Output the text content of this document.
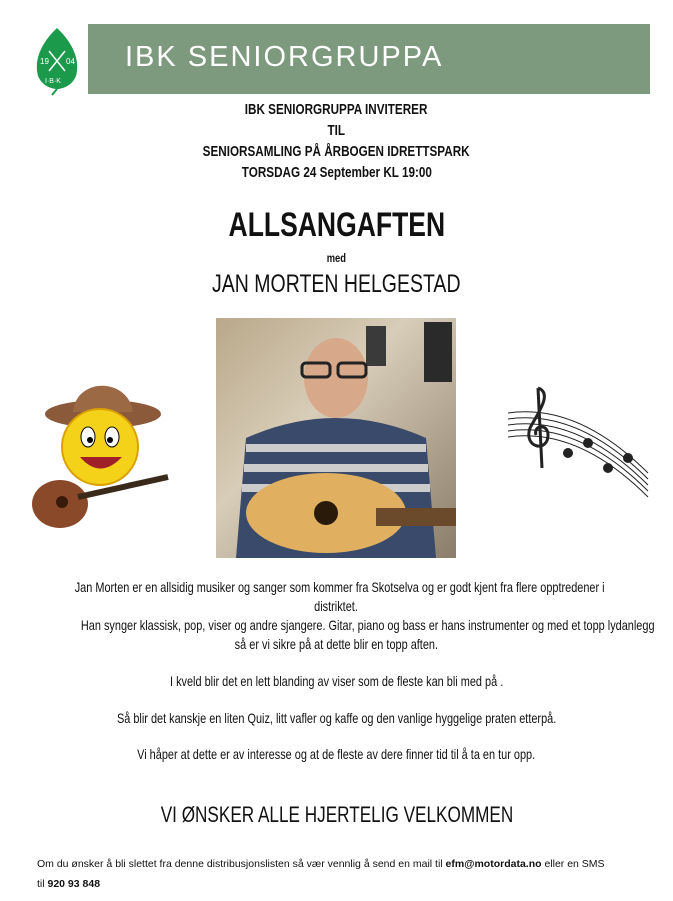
19 04
I·B·K
IBK SENIORGRUPPA
IBK SENIORGRUPPA INVITERER
TIL
SENIORSAMLING PÅ ÅRBOGEN IDRETTSPARK
TORSDAG 24 September KL 19:00
ALLSANGAFTEN
med
JAN MORTEN HELGESTAD
Jan Morten er en allsidig musiker og sanger som kommer fra Skotselva og er godt kjent fra flere opptredener i
distriktet.
Han synger klassisk, pop, viser og andre sjangere. Gitar, piano og bass er hans instrumenter og med et topp lydanlegg
så er vi sikre på at dette blir en topp aften.
I kveld blir det en lett blanding av viser som de fleste kan bli med på .
Så blir det kanskje en liten Quiz, litt vafler og kaffe og den vanlige hyggelige praten etterpå.
Vi håper at dette er av interesse og at de fleste av dere finner tid til å ta en tur opp.
VI ØNSKER ALLE HJERTELIG VELKOMMEN
Om du ønsker å bli slettet fra denne distribusjonslisten så vær vennlig å send en mail til efm@motordata.no eller en SMS
til 920 93 848
